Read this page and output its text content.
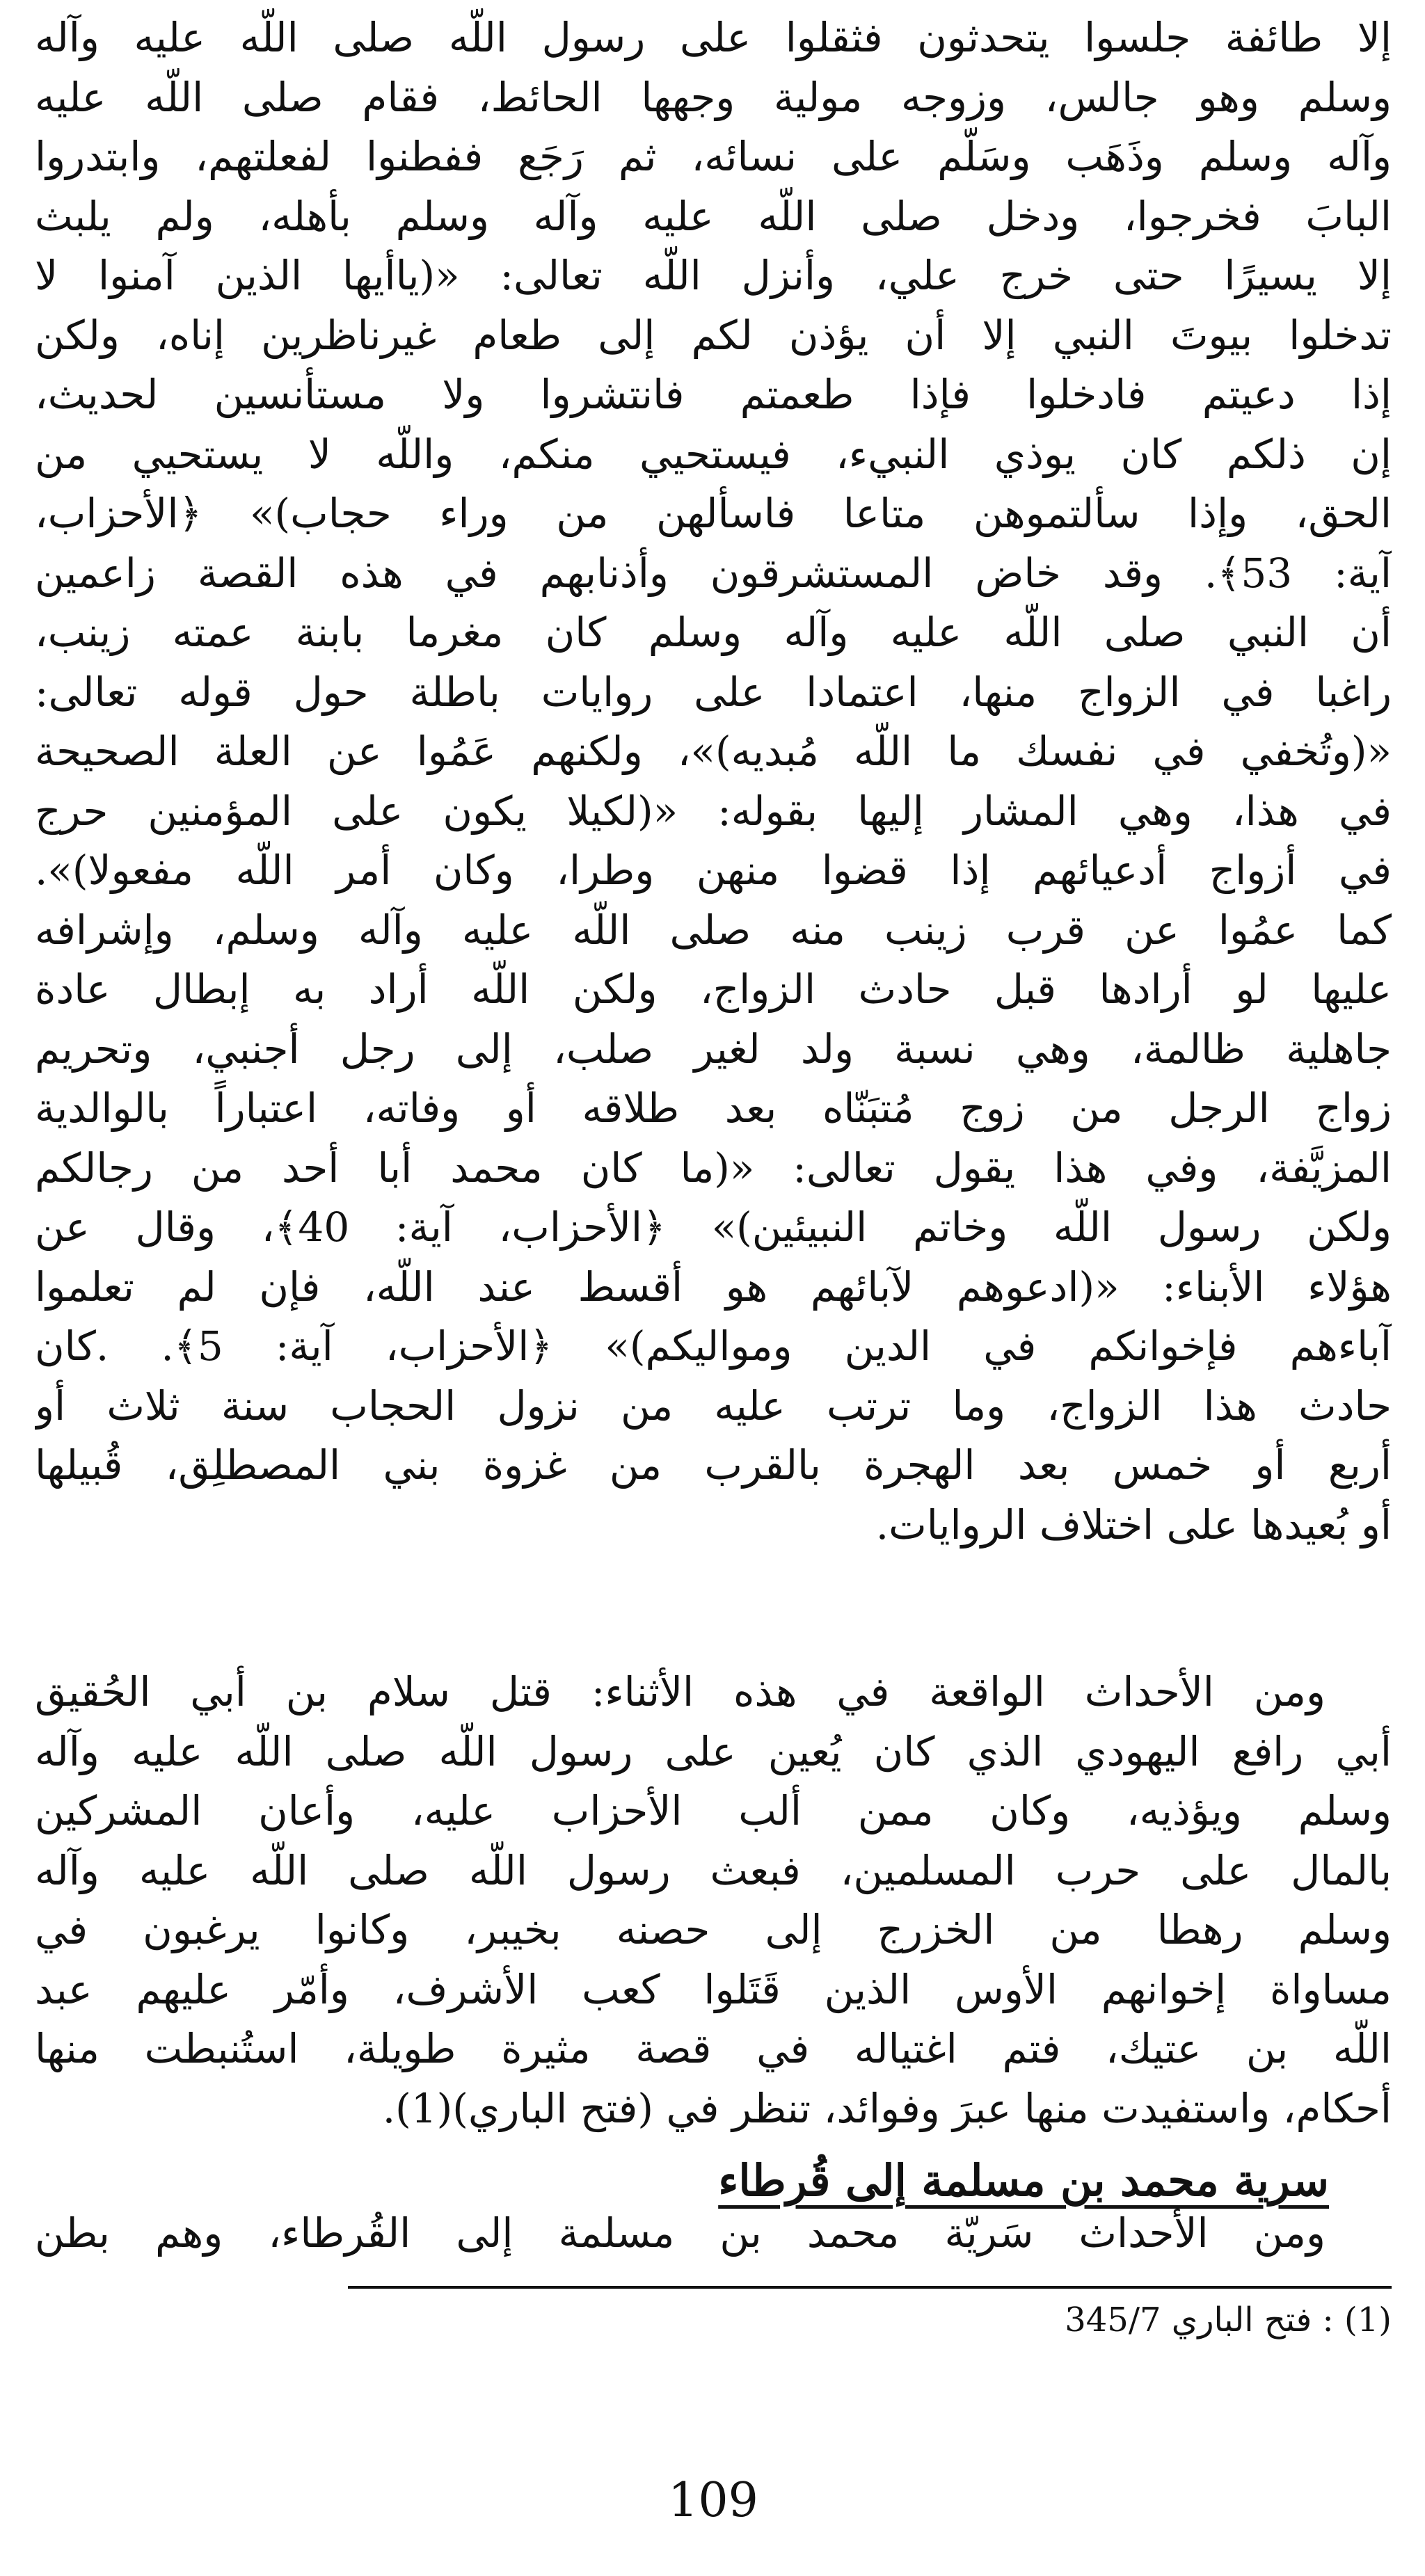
إلا طائفة جلسوا يتحدثون فثقلوا على رسول اللّه صلى اللّه عليه وآله
وسلم وهو جالس، وزوجه مولية وجهها الحائط، فقام صلى اللّه عليه
وآله وسلم وذَهَب وسَلّم على نسائه، ثم رَجَع ففطنوا لفعلتهم، وابتدروا
البابَ فخرجوا، ودخل صلى اللّه عليه وآله وسلم بأهله، ولم يلبث
إلا يسيرًا حتى خرج علي، وأنزل اللّه تعالى: «(ياأيها الذين آمنوا لا
تدخلوا بيوتَ النبي إلا أن يؤذن لكم إلى طعام غيرناظرين إناه، ولكن
إذا دعيتم فادخلوا فإذا طعمتم فانتشروا ولا مستأنسين لحديث،
إن ذلكم كان يوذي النبيء، فيستحيي منكم، واللّه لا يستحيي من
الحق، وإذا سألتموهن متاعا فاسألهن من وراء حجاب)» ﴿الأحزاب،
آية: 53﴾. وقد خاض المستشرقون وأذنابهم في هذه القصة زاعمين
أن النبي صلى اللّه عليه وآله وسلم كان مغرما بابنة عمته زينب،
راغبا في الزواج منها، اعتمادا على روايات باطلة حول قوله تعالى:
«(وتُخفي في نفسك ما اللّه مُبديه)»، ولكنهم عَمُوا عن العلة الصحيحة
في هذا، وهي المشار إليها بقوله: «(لكيلا يكون على المؤمنين حرج
في أزواج أدعيائهم إذا قضوا منهن وطرا، وكان أمر اللّه مفعولا)».
كما عمُوا عن قرب زينب منه صلى اللّه عليه وآله وسلم، وإشرافه
عليها لو أرادها قبل حادث الزواج، ولكن اللّه أراد به إبطال عادة
جاهلية ظالمة، وهي نسبة ولد لغير صلب، إلى رجل أجنبي، وتحريم
زواج الرجل من زوج مُتبَنّاه بعد طلاقه أو وفاته، اعتباراً بالوالدية
المزيَّفة، وفي هذا يقول تعالى: «(ما كان محمد أبا أحد من رجالكم
ولكن رسول اللّه وخاتم النبيئين)» ﴿الأحزاب، آية: 40﴾، وقال عن
هؤلاء الأبناء: «(ادعوهم لآبائهم هو أقسط عند اللّه، فإن لم تعلموا
آباءهم فإخوانكم في الدين ومواليكم)» ﴿الأحزاب، آية: 5﴾. .كان
حادث هذا الزواج، وما ترتب عليه من نزول الحجاب سنة ثلاث أو
أربع أو خمس بعد الهجرة بالقرب من غزوة بني المصطلِق، قُبيلها
أو بُعيدها على اختلاف الروايات.
ومن الأحداث الواقعة في هذه الأثناء: قتل سلام بن أبي الحُقيق
أبي رافع اليهودي الذي كان يُعين على رسول اللّه صلى اللّه عليه وآله
وسلم ويؤذيه، وكان ممن ألب الأحزاب عليه، وأعان المشركين
بالمال على حرب المسلمين، فبعث رسول اللّه صلى اللّه عليه وآله
وسلم رهطا من الخزرج إلى حصنه بخيبر، وكانوا يرغبون في
مساواة إخوانهم الأوس الذين قَتَلوا كعب الأشرف، وأمّر عليهم عبد
اللّه بن عتيك، فتم اغتياله في قصة مثيرة طويلة، استُنبطت منها
أحكام، واستفيدت منها عبرَ وفوائد، تنظر في (فتح الباري)(1).
سرية محمد بن مسلمة إلى قُرطاء
ومن الأحداث سَريّة محمد بن مسلمة إلى القُرطاء، وهم بطن
(1) : فتح الباري 345/7
109
